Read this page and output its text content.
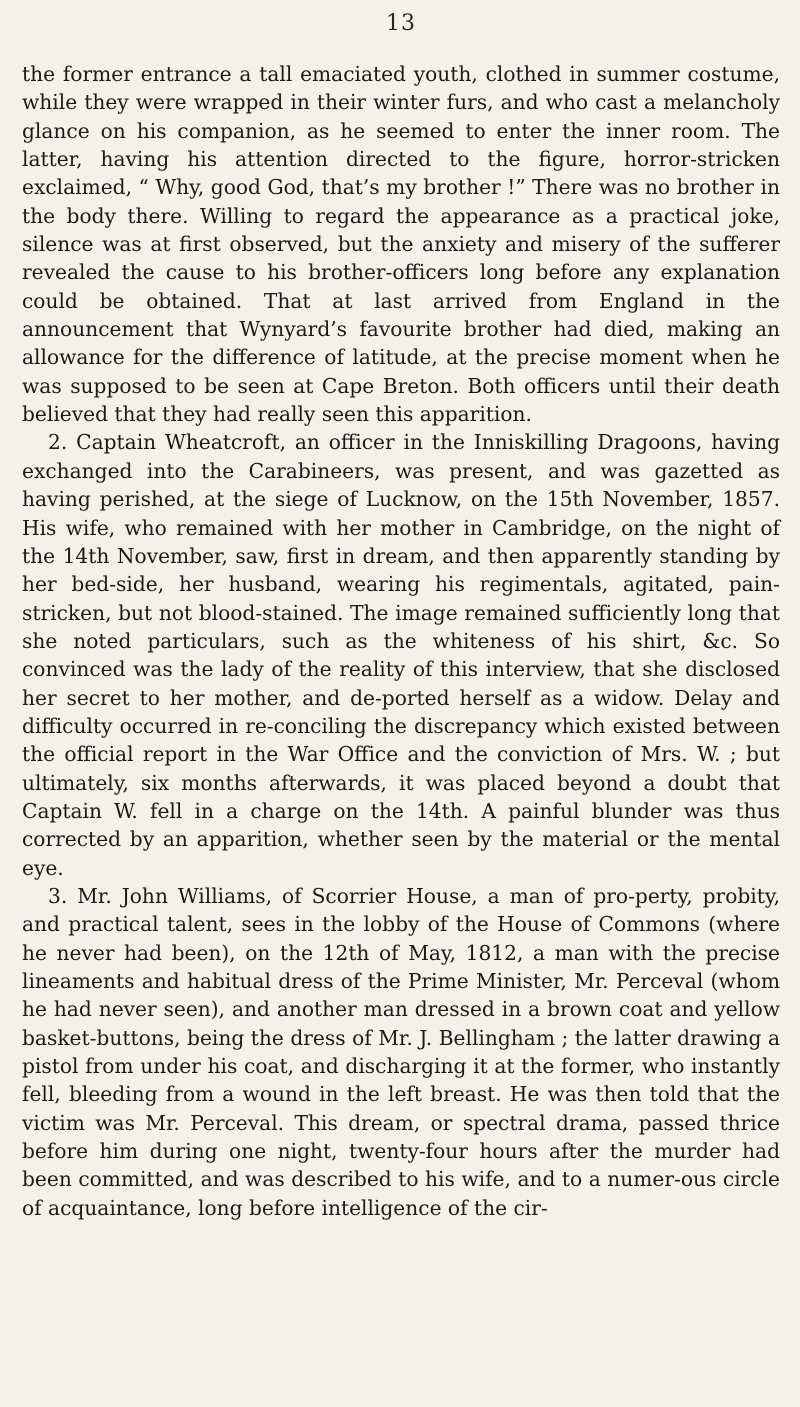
13

the former entrance a tall emaciated youth, clothed in summer costume, while they were wrapped in their winter furs, and who cast a melancholy glance on his companion, as he seemed to enter the inner room. The latter, having his attention directed to the figure, horror-stricken exclaimed, “ Why, good God, that’s my brother !” There was no brother in the body there. Willing to regard the appearance as a practical joke, silence was at first observed, but the anxiety and misery of the sufferer revealed the cause to his brother-officers long before any explanation could be obtained. That at last arrived from England in the announcement that Wynyard’s favourite brother had died, making an allowance for the difference of latitude, at the precise moment when he was supposed to be seen at Cape Breton. Both officers until their death believed that they had really seen this apparition.

2. Captain Wheatcroft, an officer in the Inniskilling Dragoons, having exchanged into the Carabineers, was present, and was gazetted as having perished, at the siege of Lucknow, on the 15th November, 1857. His wife, who remained with her mother in Cambridge, on the night of the 14th November, saw, first in dream, and then apparently standing by her bed-side, her husband, wearing his regimentals, agitated, pain-stricken, but not blood-stained. The image remained sufficiently long that she noted particulars, such as the whiteness of his shirt, &c. So convinced was the lady of the reality of this interview, that she disclosed her secret to her mother, and de-ported herself as a widow. Delay and difficulty occurred in re-conciling the discrepancy which existed between the official report in the War Office and the conviction of Mrs. W. ; but ultimately, six months afterwards, it was placed beyond a doubt that Captain W. fell in a charge on the 14th. A painful blunder was thus corrected by an apparition, whether seen by the material or the mental eye.

3. Mr. John Williams, of Scorrier House, a man of pro-perty, probity, and practical talent, sees in the lobby of the House of Commons (where he never had been), on the 12th of May, 1812, a man with the precise lineaments and habitual dress of the Prime Minister, Mr. Perceval (whom he had never seen), and another man dressed in a brown coat and yellow basket-buttons, being the dress of Mr. J. Bellingham ; the latter drawing a pistol from under his coat, and discharging it at the former, who instantly fell, bleeding from a wound in the left breast. He was then told that the victim was Mr. Perceval. This dream, or spectral drama, passed thrice before him during one night, twenty-four hours after the murder had been committed, and was described to his wife, and to a numer-ous circle of acquaintance, long before intelligence of the cir-
